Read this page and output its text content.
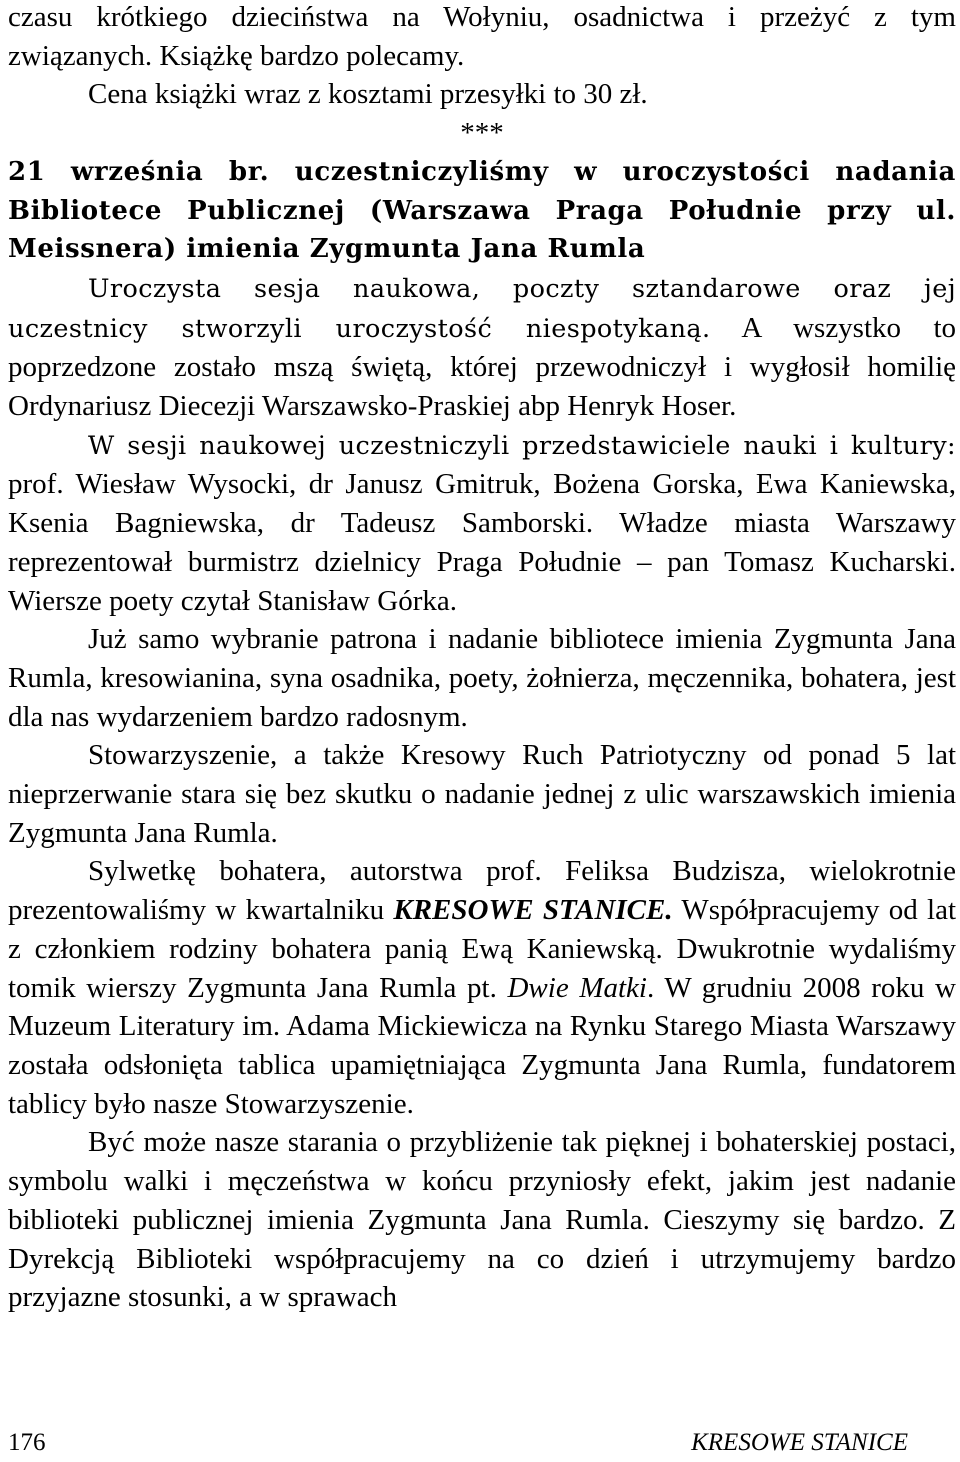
czasu krótkiego dzieciństwa na Wołyniu, osadnictwa i przeżyć z tym związanych. Książkę bardzo polecamy.

Cena książki wraz z kosztami przesyłki to 30 zł.

***

21 września br. uczestniczyliśmy w uroczystości nadania Bibliotece Publicznej (Warszawa Praga Południe przy ul. Meissnera) imienia Zygmunta Jana Rumla

Uroczysta sesja naukowa, poczty sztandarowe oraz jej uczestnicy stworzyli uroczystość niespotykaną. A wszystko to poprzedzone zostało mszą świętą, której przewodniczył i wygłosił homilię Ordynariusz Diecezji Warszawsko-Praskiej abp Henryk Hoser.

W sesji naukowej uczestniczyli przedstawiciele nauki i kultury: prof. Wiesław Wysocki, dr Janusz Gmitruk, Bożena Gorska, Ewa Kaniewska, Ksenia Bagniewska, dr Tadeusz Samborski. Władze miasta Warszawy reprezentował burmistrz dzielnicy Praga Południe – pan Tomasz Kucharski. Wiersze poety czytał Stanisław Górka.

Już samo wybranie patrona i nadanie bibliotece imienia Zygmunta Jana Rumla, kresowianina, syna osadnika, poety, żołnierza, męczennika, bohatera, jest dla nas wydarzeniem bardzo radosnym.

Stowarzyszenie, a także Kresowy Ruch Patriotyczny od ponad 5 lat nieprzerwanie stara się bez skutku o nadanie jednej z ulic warszawskich imienia Zygmunta Jana Rumla.

Sylwetkę bohatera, autorstwa prof. Feliksa Budzisza, wielokrotnie prezentowaliśmy w kwartalniku KRESOWE STANICE. Współpracujemy od lat z członkiem rodziny bohatera panią Ewą Kaniewską. Dwukrotnie wydaliśmy tomik wierszy Zygmunta Jana Rumla pt. Dwie Matki. W grudniu 2008 roku w Muzeum Literatury im. Adama Mickiewicza na Rynku Starego Miasta Warszawy została odsłonięta tablica upamiętniająca Zygmunta Jana Rumla, fundatorem tablicy było nasze Stowarzyszenie.

Być może nasze starania o przybliżenie tak pięknej i bohaterskiej postaci, symbolu walki i męczeństwa w końcu przyniosły efekt, jakim jest nadanie biblioteki publicznej imienia Zygmunta Jana Rumla. Cieszymy się bardzo. Z Dyrekcją Biblioteki współpracujemy na co dzień i utrzymujemy bardzo przyjazne stosunki, a w sprawach

176	KRESOWE STANICE
